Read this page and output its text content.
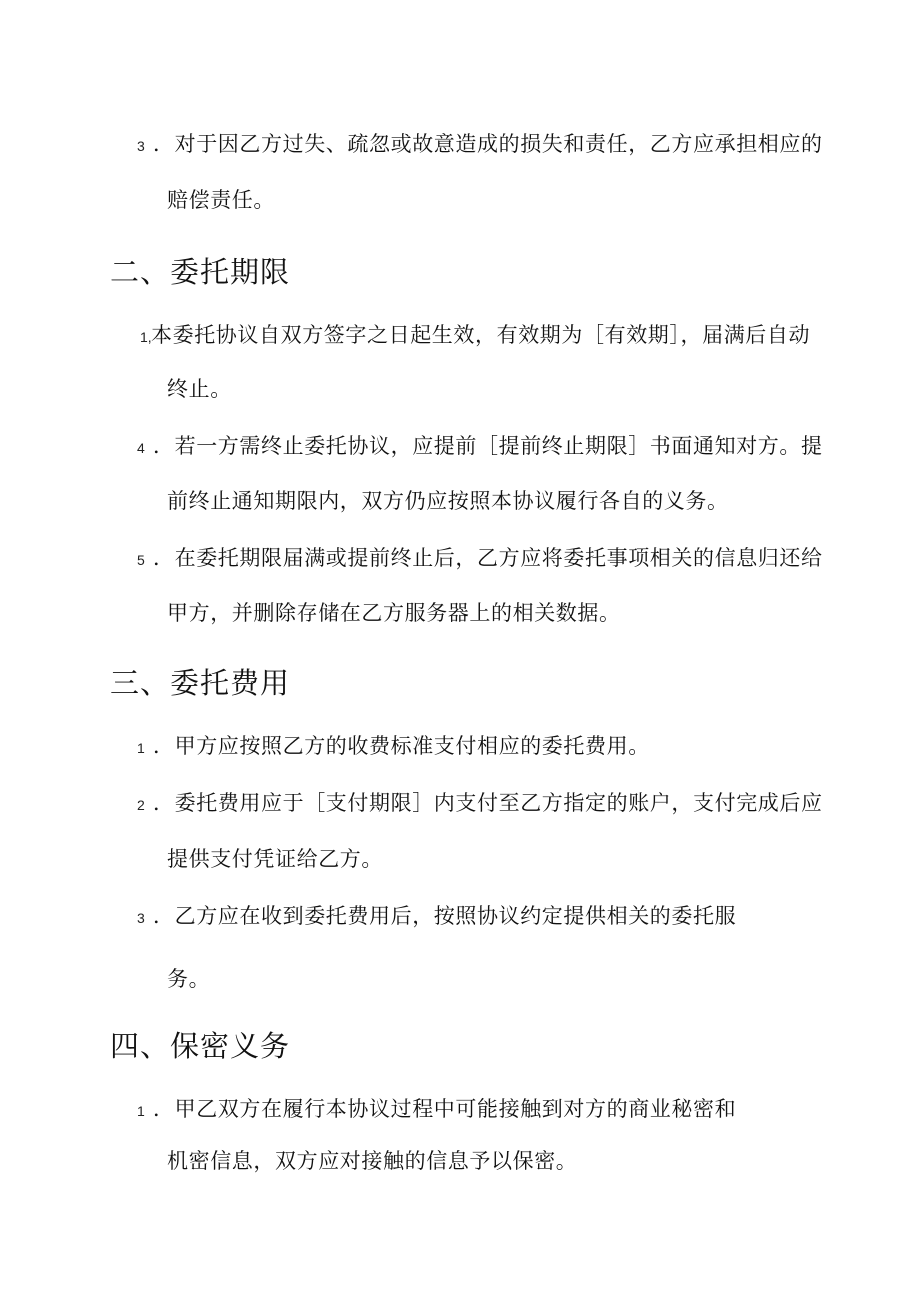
3 ．对于因乙方过失、疏忽或故意造成的损失和责任，乙方应承担相应的
赔偿责任。
二、委托期限
1, 本委托协议自双方签字之日起生效，有效期为［有效期］，届满后自动
终止。
4 ．若一方需终止委托协议，应提前［提前终止期限］书面通知对方。提
前终止通知期限内，双方仍应按照本协议履行各自的义务。
5 ．在委托期限届满或提前终止后，乙方应将委托事项相关的信息归还给
甲方，并删除存储在乙方服务器上的相关数据。
三、委托费用
1 ．甲方应按照乙方的收费标准支付相应的委托费用。
2 ．委托费用应于［支付期限］内支付至乙方指定的账户，支付完成后应
提供支付凭证给乙方。
3 ．乙方应在收到委托费用后，按照协议约定提供相关的委托服
务。
四、保密义务
1 ．甲乙双方在履行本协议过程中可能接触到对方的商业秘密和
机密信息，双方应对接触的信息予以保密。
